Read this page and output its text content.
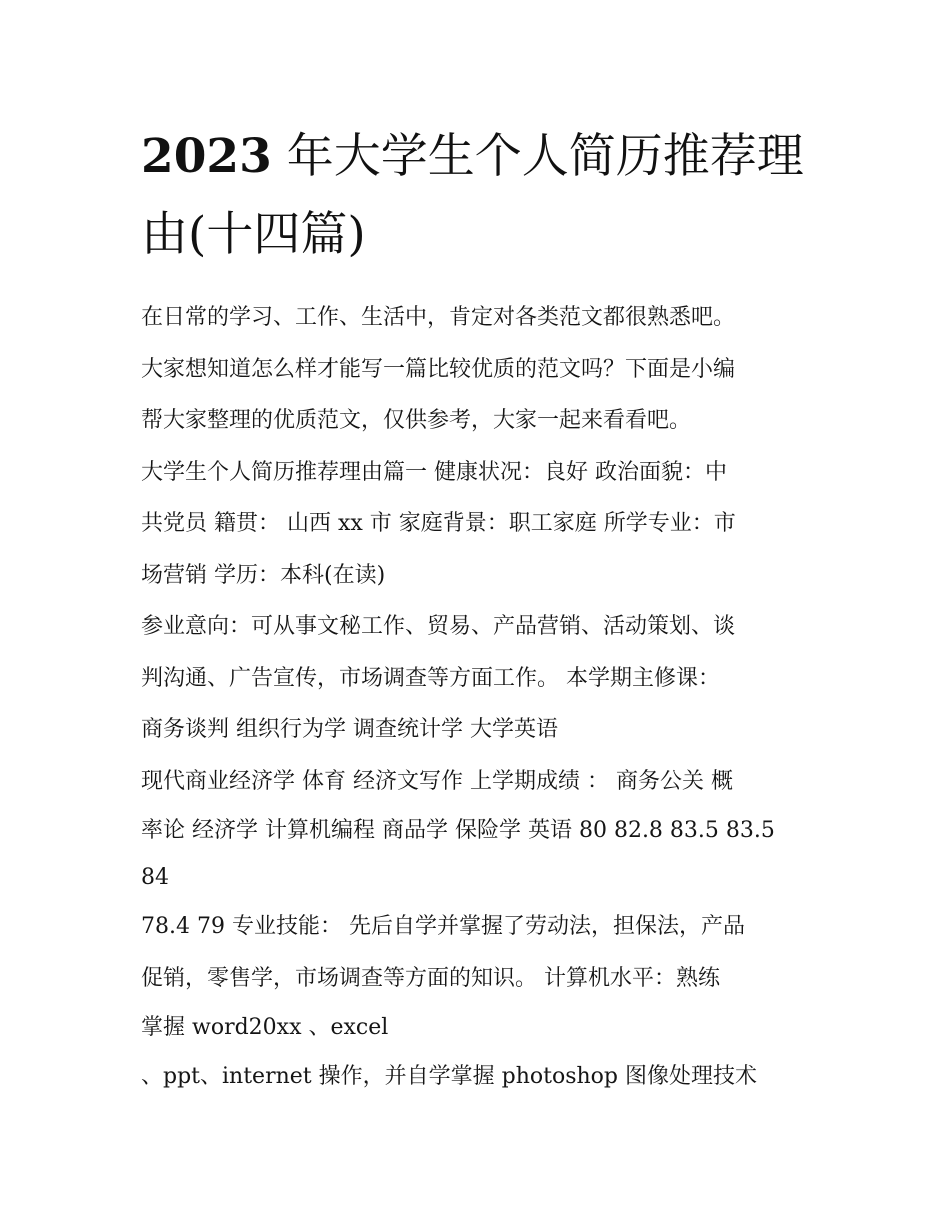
2023 年大学生个人简历推荐理
由(十四篇)
在日常的学习、工作、生活中，肯定对各类范文都很熟悉吧。
大家想知道怎么样才能写一篇比较优质的范文吗？下面是小编
帮大家整理的优质范文，仅供参考，大家一起来看看吧。
大学生个人简历推荐理由篇一 健康状况：良好 政治面貌：中
共党员 籍贯： 山西 xx 市 家庭背景：职工家庭 所学专业：市
场营销 学历：本科(在读)
参业意向：可从事文秘工作、贸易、产品营销、活动策划、谈
判沟通、广告宣传，市场调查等方面工作。 本学期主修课：
商务谈判 组织行为学 调查统计学 大学英语
现代商业经济学 体育 经济文写作 上学期成绩 ： 商务公关 概
率论 经济学 计算机编程 商品学 保险学 英语 80 82.8 83.5 83.5
84
78.4 79 专业技能： 先后自学并掌握了劳动法，担保法，产品
促销，零售学，市场调查等方面的知识。 计算机水平：熟练
掌握 word20xx 、excel
、ppt、internet 操作，并自学掌握 photoshop 图像处理技术
